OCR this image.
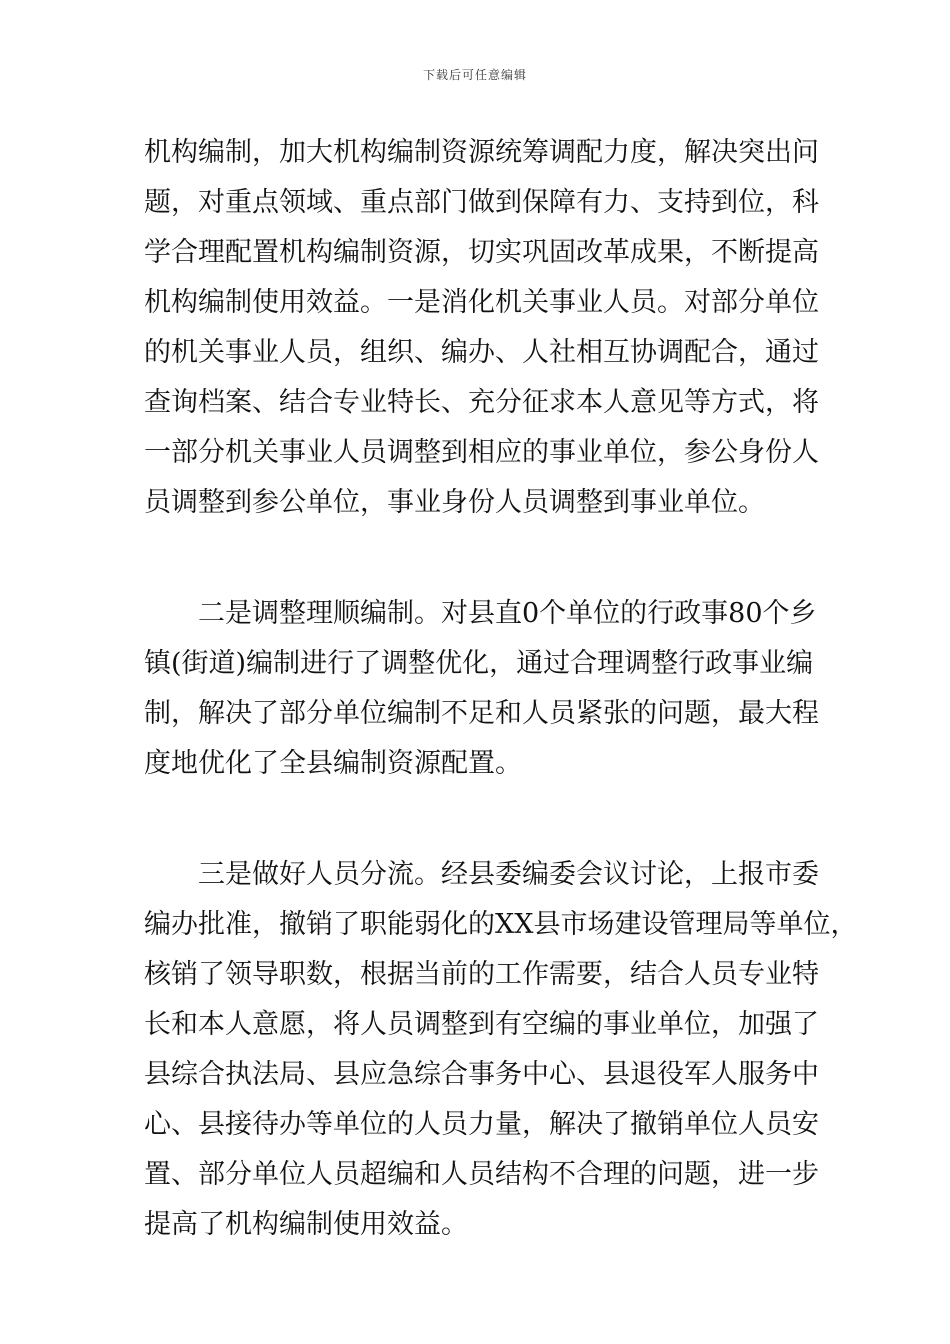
下载后可任意编辑
机构编制，加大机构编制资源统筹调配力度，解决突出问
题，对重点领域、重点部门做到保障有力、支持到位，科
学合理配置机构编制资源，切实巩固改革成果，不断提高
机构编制使用效益。一是消化机关事业人员。对部分单位
的机关事业人员，组织、编办、人社相互协调配合，通过
查询档案、结合专业特长、充分征求本人意见等方式，将
一部分机关事业人员调整到相应的事业单位，参公身份人
员调整到参公单位，事业身份人员调整到事业单位。
　　二是调整理顺编制。对县直0个单位的行政事80个乡
镇(街道)编制进行了调整优化，通过合理调整行政事业编
制，解决了部分单位编制不足和人员紧张的问题，最大程
度地优化了全县编制资源配置。
　　三是做好人员分流。经县委编委会议讨论，上报市委
编办批准，撤销了职能弱化的XX县市场建设管理局等单位，
核销了领导职数，根据当前的工作需要，结合人员专业特
长和本人意愿，将人员调整到有空编的事业单位，加强了
县综合执法局、县应急综合事务中心、县退役军人服务中
心、县接待办等单位的人员力量，解决了撤销单位人员安
置、部分单位人员超编和人员结构不合理的问题，进一步
提高了机构编制使用效益。
